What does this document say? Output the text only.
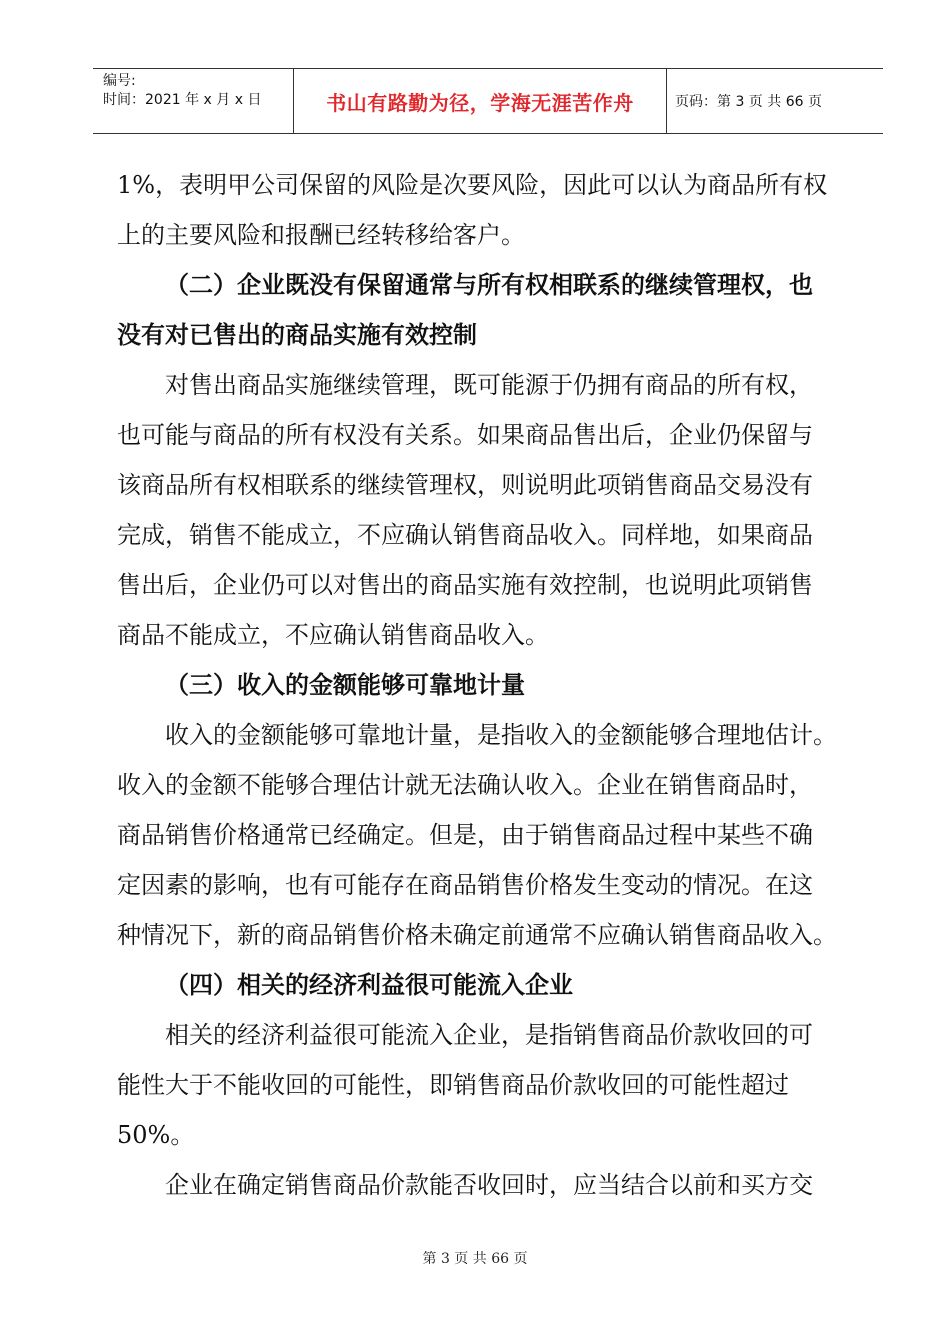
编号:
时间：2021 年 x 月 x 日	书山有路勤为径，学海无涯苦作舟	页码：第 3 页 共 66 页
1%，表明甲公司保留的风险是次要风险，因此可以认为商品所有权
上的主要风险和报酬已经转移给客户。
（二）企业既没有保留通常与所有权相联系的继续管理权，也
没有对已售出的商品实施有效控制
对售出商品实施继续管理，既可能源于仍拥有商品的所有权，
也可能与商品的所有权没有关系。如果商品售出后，企业仍保留与
该商品所有权相联系的继续管理权，则说明此项销售商品交易没有
完成，销售不能成立，不应确认销售商品收入。同样地，如果商品
售出后，企业仍可以对售出的商品实施有效控制，也说明此项销售
商品不能成立，不应确认销售商品收入。
（三）收入的金额能够可靠地计量
收入的金额能够可靠地计量，是指收入的金额能够合理地估计。
收入的金额不能够合理估计就无法确认收入。企业在销售商品时，
商品销售价格通常已经确定。但是，由于销售商品过程中某些不确
定因素的影响，也有可能存在商品销售价格发生变动的情况。在这
种情况下，新的商品销售价格未确定前通常不应确认销售商品收入。
（四）相关的经济利益很可能流入企业
相关的经济利益很可能流入企业，是指销售商品价款收回的可
能性大于不能收回的可能性，即销售商品价款收回的可能性超过
50%。
企业在确定销售商品价款能否收回时，应当结合以前和买方交
第 3 页 共 66 页
